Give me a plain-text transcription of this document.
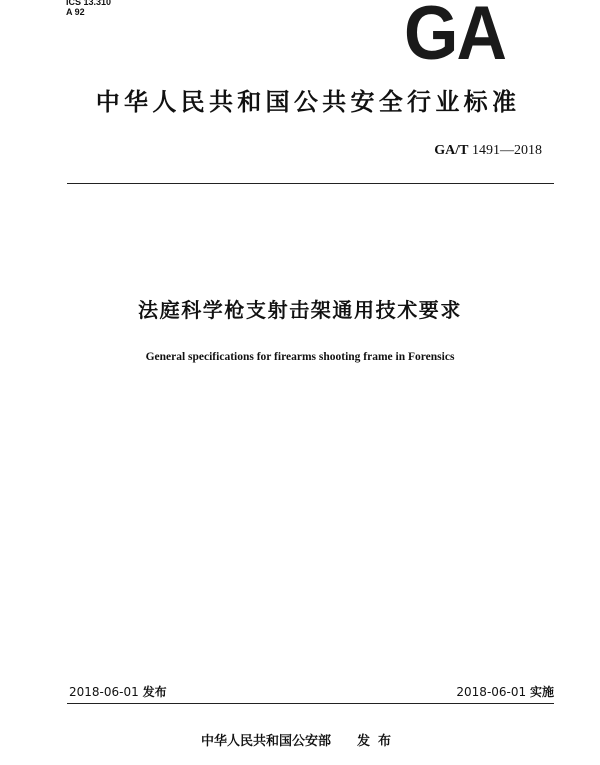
ICS 13.310
A 92	GA
中华人民共和国公共安全行业标准
GA/T 1491—2018
法庭科学枪支射击架通用技术要求
General specifications for firearms shooting frame in Forensics
2018-06-01 发布	2018-06-01 实施
中华人民共和国公安部 发布
